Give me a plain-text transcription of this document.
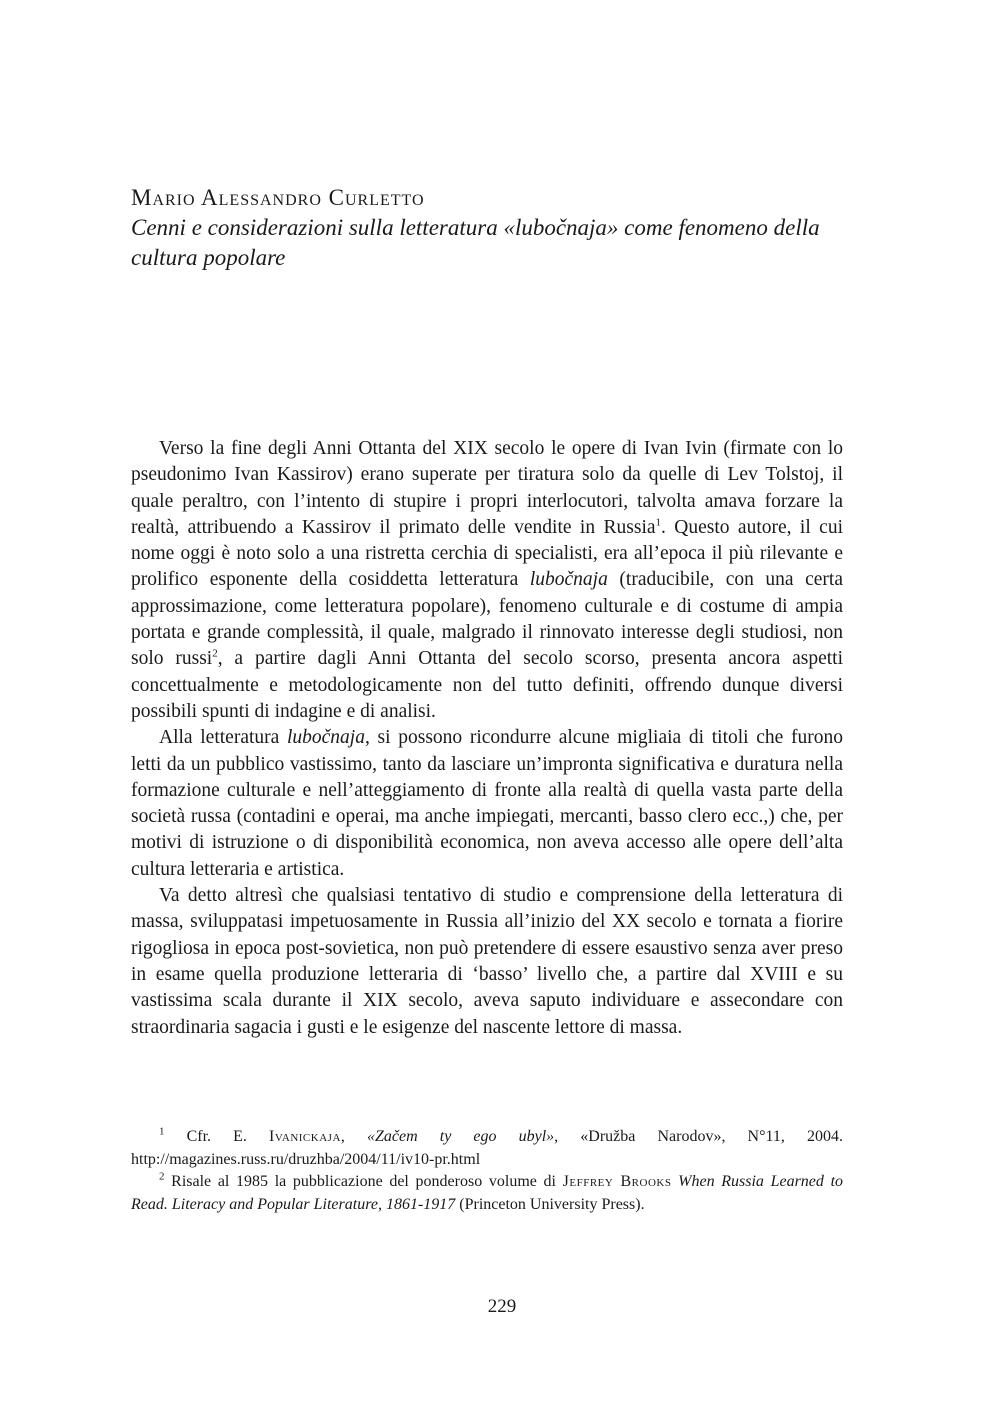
Mario Alessandro Curletto
Cenni e considerazioni sulla letteratura «lubočnaja» come fenomeno della cultura popolare

Verso la fine degli Anni Ottanta del XIX secolo le opere di Ivan Ivin (firmate con lo pseudonimo Ivan Kassirov) erano superate per tiratura solo da quelle di Lev Tolstoj, il quale peraltro, con l’intento di stupire i propri interlocutori, talvolta amava forzare la realtà, attribuendo a Kassirov il primato delle vendite in Russia$^1$. Questo autore, il cui nome oggi è noto solo a una ristretta cerchia di specialisti, era all’epoca il più rilevante e prolifico esponente della cosiddetta letteratura lubočnaja (traducibile, con una certa approssimazione, come letteratura popolare), fenomeno culturale e di costume di ampia portata e grande complessità, il quale, malgrado il rinnovato interesse degli studiosi, non solo russi$^2$, a partire dagli Anni Ottanta del secolo scorso, presenta ancora aspetti concettualmente e metodologicamente non del tutto definiti, offrendo dunque diversi possibili spunti di indagine e di analisi.

Alla letteratura lubočnaja, si possono ricondurre alcune migliaia di titoli che furono letti da un pubblico vastissimo, tanto da lasciare un’impronta significativa e duratura nella formazione culturale e nell’atteggiamento di fronte alla realtà di quella vasta parte della società russa (contadini e operai, ma anche impiegati, mercanti, basso clero ecc.,) che, per motivi di istruzione o di disponibilità economica, non aveva accesso alle opere dell’alta cultura letteraria e artistica.

Va detto altresì che qualsiasi tentativo di studio e comprensione della letteratura di massa, sviluppatasi impetuosamente in Russia all’inizio del XX secolo e tornata a fiorire rigogliosa in epoca post-sovietica, non può pretendere di essere esaustivo senza aver preso in esame quella produzione letteraria di ‘basso’ livello che, a partire dal XVIII e su vastissima scala durante il XIX secolo, aveva saputo individuare e assecondare con straordinaria sagacia i gusti e le esigenze del nascente lettore di massa.

$^1$ Cfr. E. Ivanickaja, «Začem ty ego ubyl», «Družba Narodov», N°11, 2004. http://magazines.russ.ru/druzhba/2004/11/iv10-pr.html

$^2$ Risale al 1985 la pubblicazione del ponderoso volume di Jeffrey Brooks When Russia Learned to Read. Literacy and Popular Literature, 1861-1917 (Princeton University Press).

229
